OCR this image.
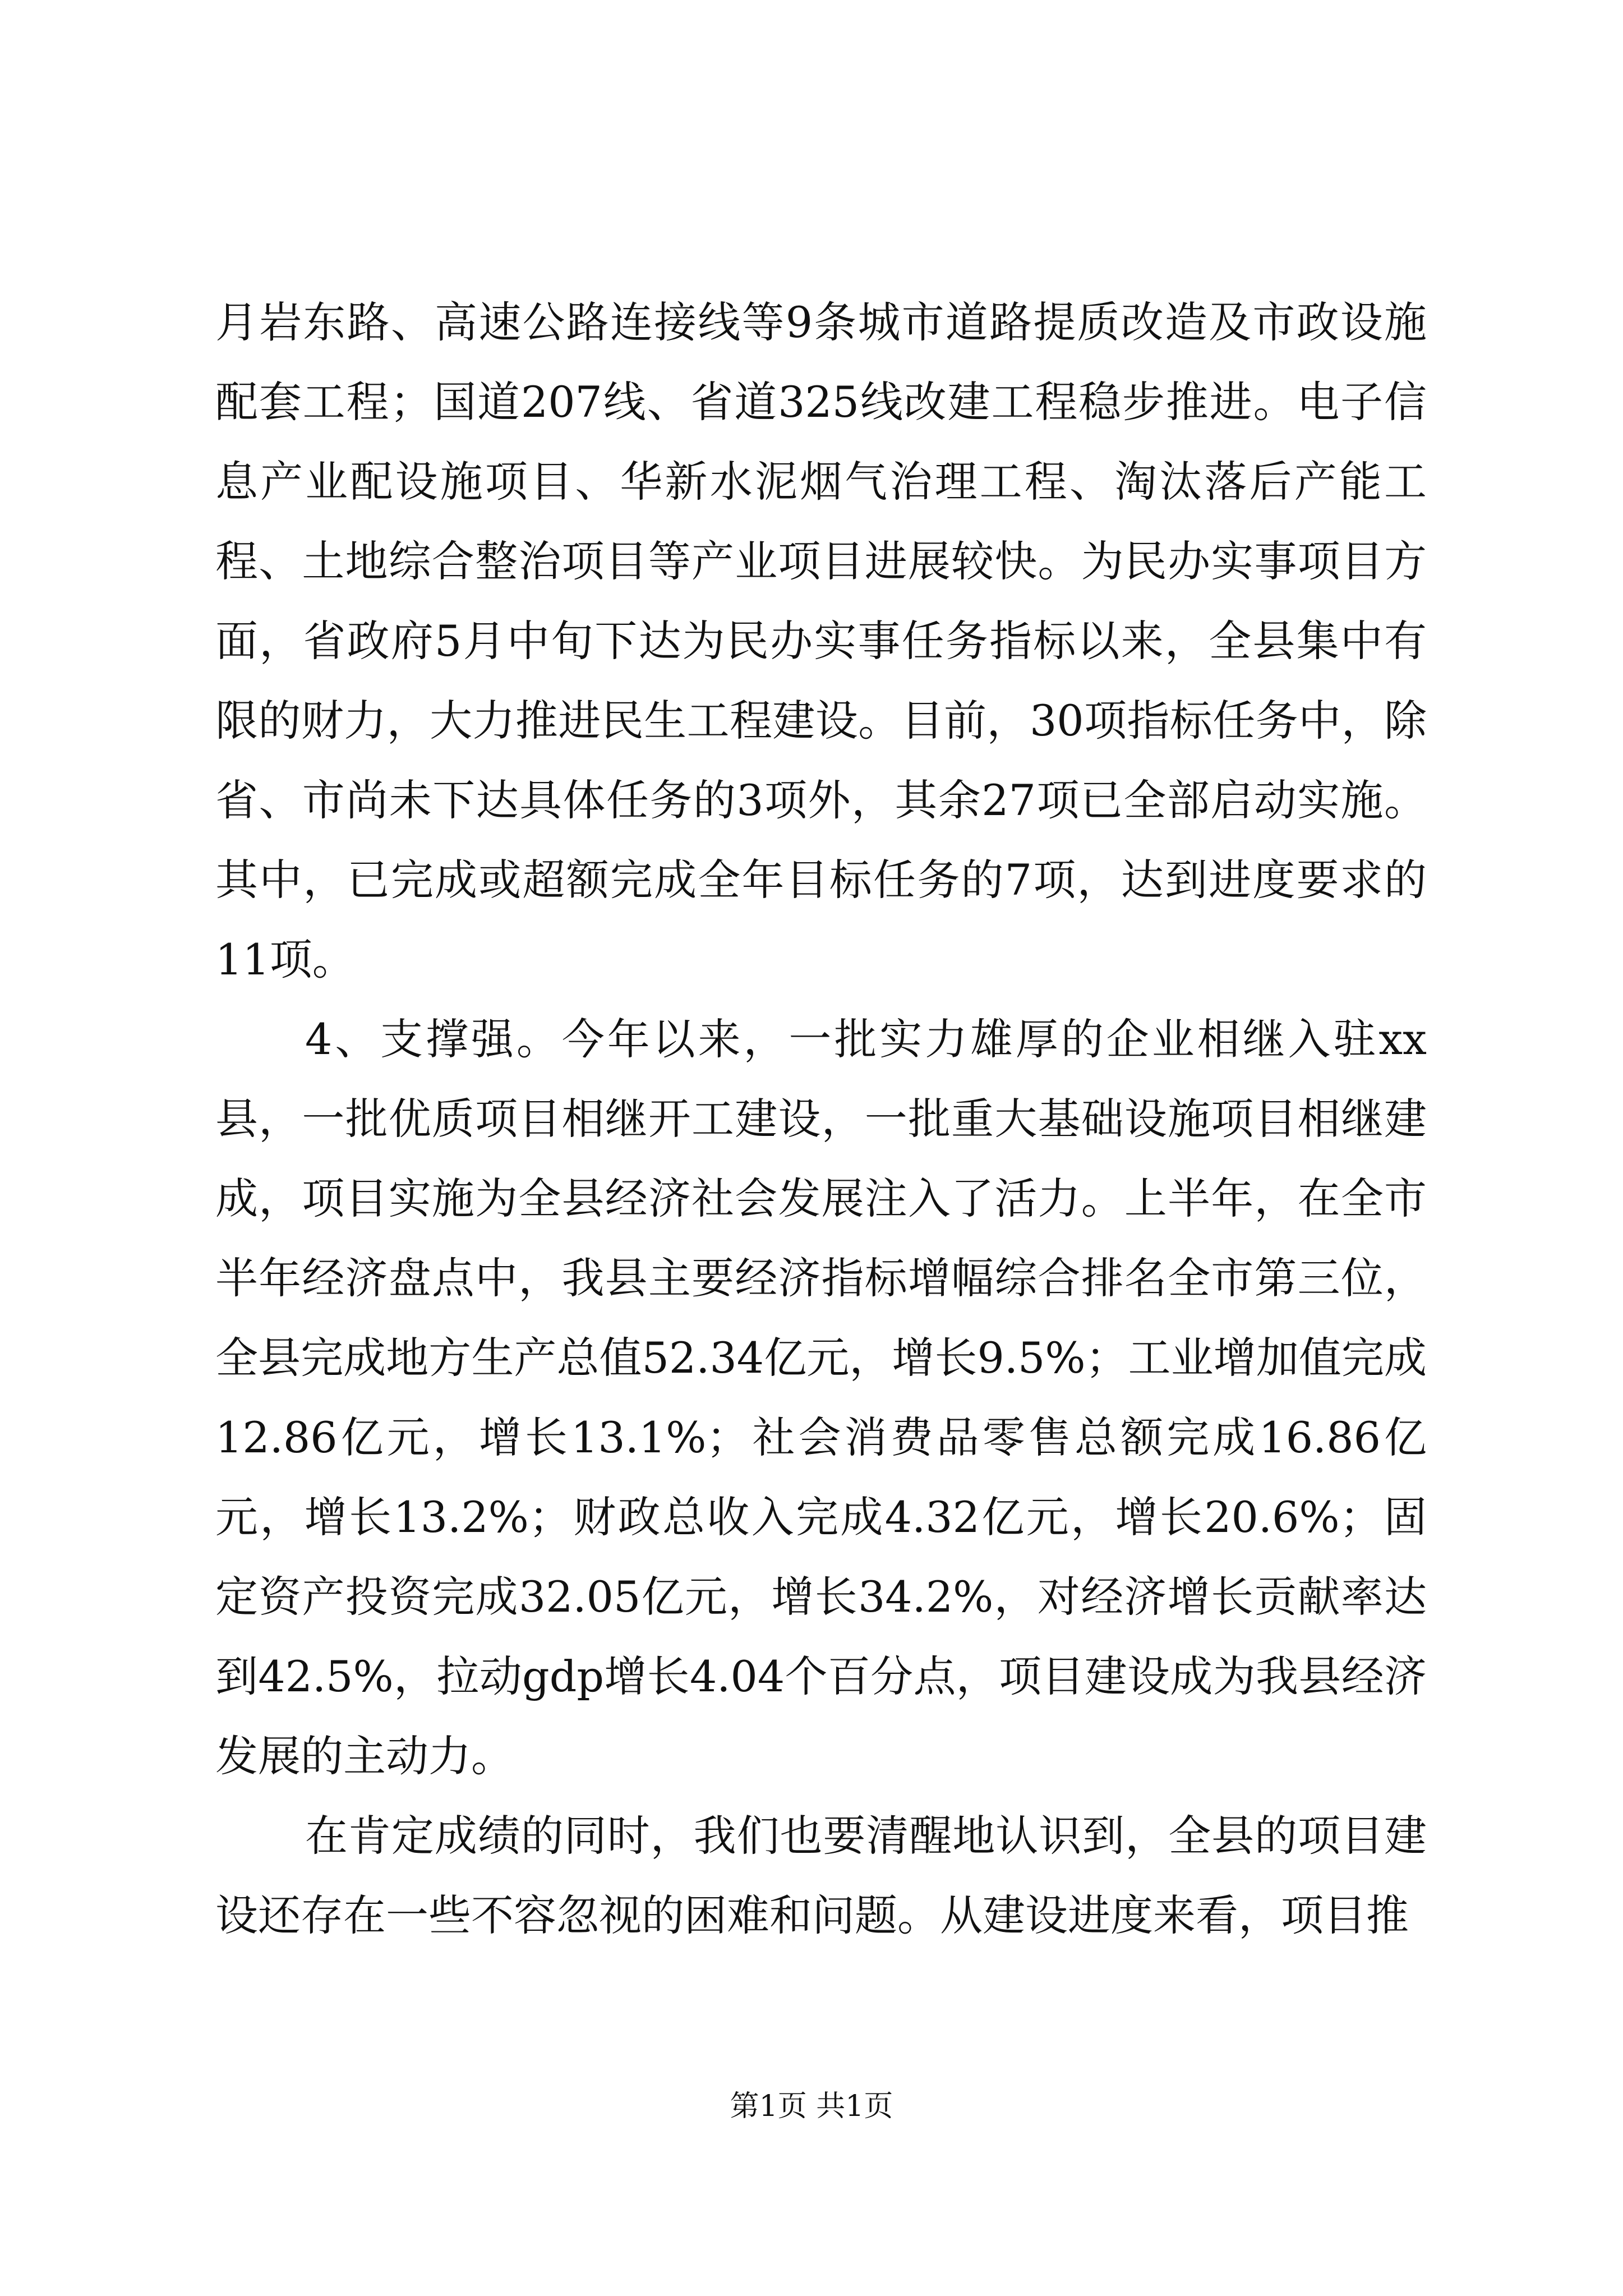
月岩东路、高速公路连接线等9条城市道路提质改造及市政设施配套工程；国道207线、省道325线改建工程稳步推进。电子信息产业配设施项目、华新水泥烟气治理工程、淘汰落后产能工程、土地综合整治项目等产业项目进展较快。为民办实事项目方面，省政府5月中旬下达为民办实事任务指标以来，全县集中有限的财力，大力推进民生工程建设。目前，30项指标任务中，除省、市尚未下达具体任务的3项外，其余27项已全部启动实施。其中，已完成或超额完成全年目标任务的7项，达到进度要求的11项。

4、支撑强。今年以来，一批实力雄厚的企业相继入驻xx县，一批优质项目相继开工建设，一批重大基础设施项目相继建成，项目实施为全县经济社会发展注入了活力。上半年，在全市半年经济盘点中，我县主要经济指标增幅综合排名全市第三位，全县完成地方生产总值52.34亿元，增长9.5%；工业增加值完成12.86亿元，增长13.1%；社会消费品零售总额完成16.86亿元，增长13.2%；财政总收入完成4.32亿元，增长20.6%；固定资产投资完成32.05亿元，增长34.2%，对经济增长贡献率达到42.5%，拉动gdp增长4.04个百分点，项目建设成为我县经济发展的主动力。

在肯定成绩的同时，我们也要清醒地认识到，全县的项目建设还存在一些不容忽视的困难和问题。从建设进度来看，项目推

第1页 共1页
